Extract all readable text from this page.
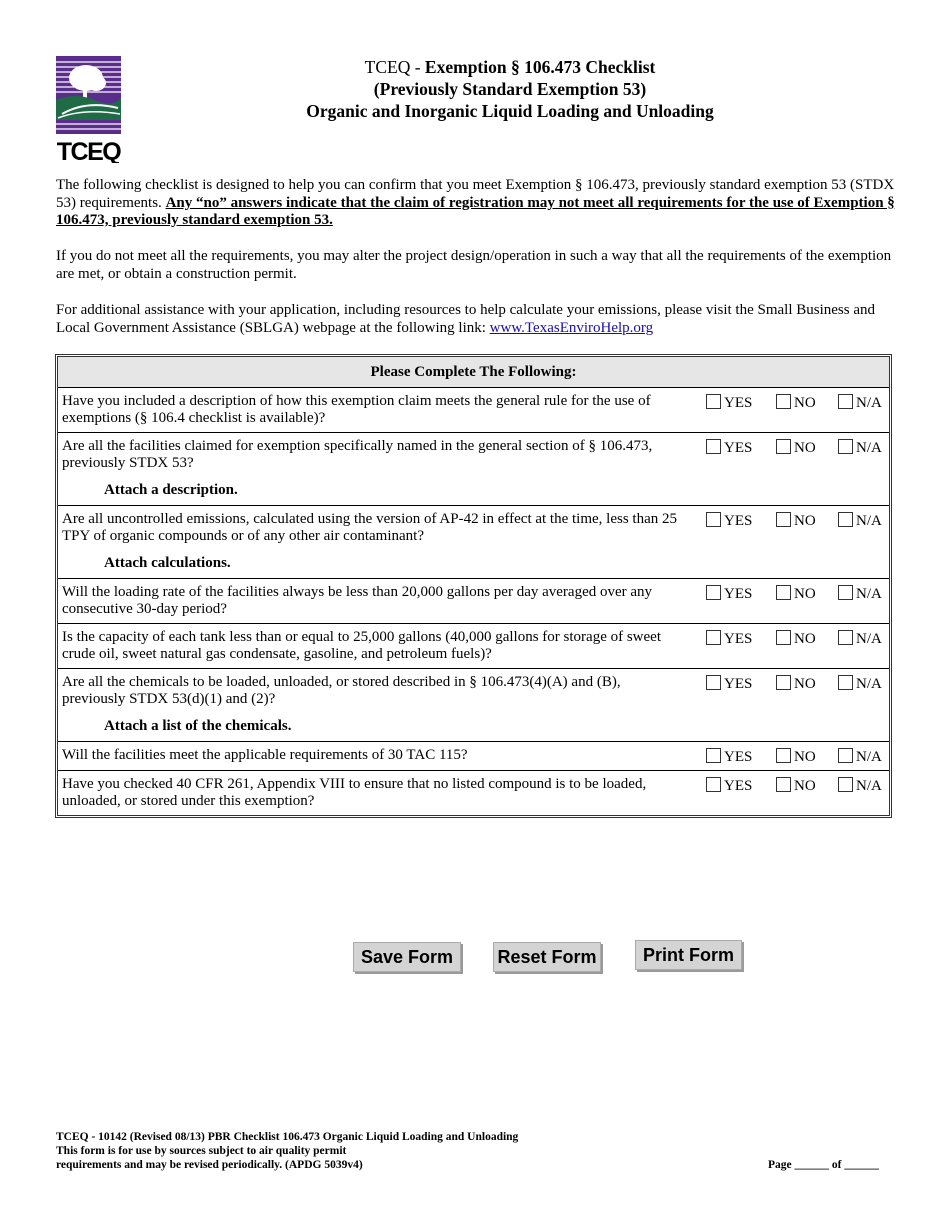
TCEQ
TCEQ - Exemption § 106.473 Checklist
(Previously Standard Exemption 53)
Organic and Inorganic Liquid Loading and Unloading
The following checklist is designed to help you can confirm that you meet Exemption § 106.473, previously standard exemption 53 (STDX 53) requirements. Any “no” answers indicate that the claim of registration may not meet all requirements for the use of Exemption § 106.473, previously standard exemption 53.
If you do not meet all the requirements, you may alter the project design/operation in such a way that all the requirements of the exemption are met, or obtain a construction permit.
For additional assistance with your application, including resources to help calculate your emissions, please visit the Small Business and Local Government Assistance (SBLGA) webpage at the following link: www.TexasEnviroHelp.org
Please Complete The Following:
Have you included a description of how this exemption claim meets the general rule for the use of exemptions (§ 106.4 checklist is available)?
YES	NO	N/A
Are all the facilities claimed for exemption specifically named in the general section of § 106.473, previously STDX 53?
YES	NO	N/A
Attach a description.
Are all uncontrolled emissions, calculated using the version of AP-42 in effect at the time, less than 25 TPY of organic compounds or of any other air contaminant?
YES	NO	N/A
Attach calculations.
Will the loading rate of the facilities always be less than 20,000 gallons per day averaged over any consecutive 30-day period?
YES	NO	N/A
Is the capacity of each tank less than or equal to 25,000 gallons (40,000 gallons for storage of sweet crude oil, sweet natural gas condensate, gasoline, and petroleum fuels)?
YES	NO	N/A
Are all the chemicals to be loaded, unloaded, or stored described in § 106.473(4)(A) and (B), previously STDX 53(d)(1) and (2)?
YES	NO	N/A
Attach a list of the chemicals.
Will the facilities meet the applicable requirements of 30 TAC 115?	YES	NO	N/A
Have you checked 40 CFR 261, Appendix VIII to ensure that no listed compound is to be loaded, unloaded, or stored under this exemption?
YES	NO	N/A
Save Form	Reset Form	Print Form
TCEQ - 10142 (Revised 08/13) PBR Checklist 106.473 Organic Liquid Loading and Unloading
This form is for use by sources subject to air quality permit
requirements and may be revised periodically. (APDG 5039v4)	Page ______ of ______
